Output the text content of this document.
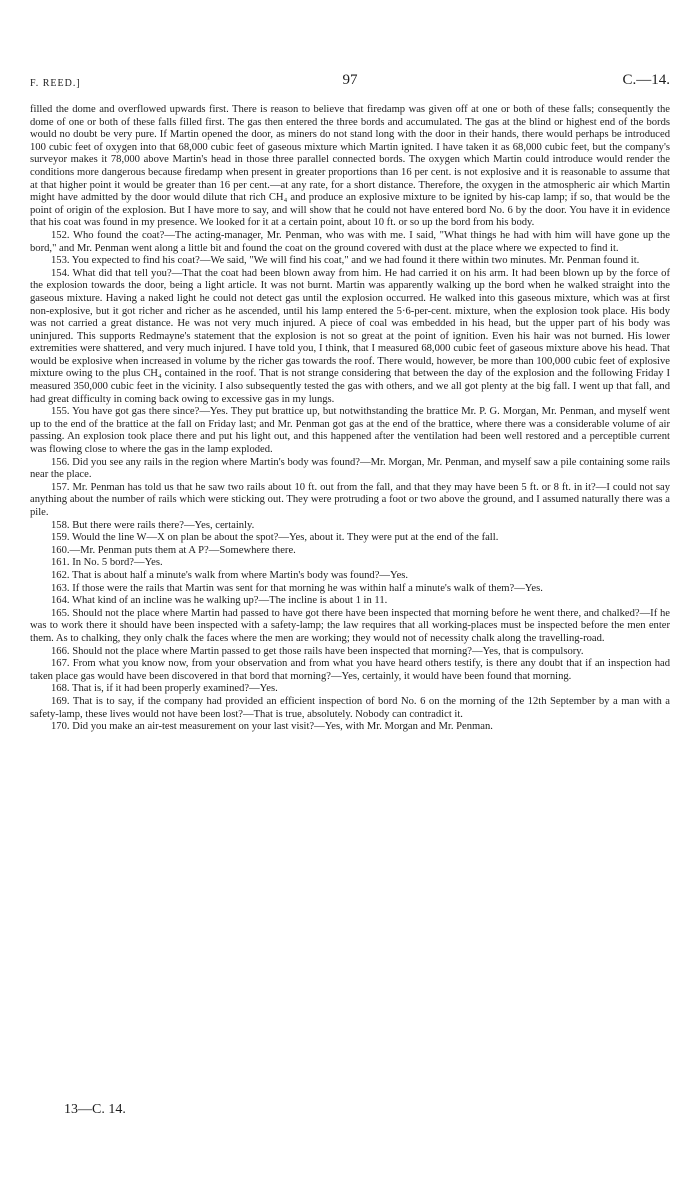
F. REED.]	97	C.—14.

filled the dome and overflowed upwards first. There is reason to believe that firedamp was given off at one or both of these falls; consequently the dome of one or both of these falls filled first. The gas then entered the three bords and accumulated. The gas at the blind or highest end of the bords would no doubt be very pure. If Martin opened the door, as miners do not stand long with the door in their hands, there would perhaps be introduced 100 cubic feet of oxygen into that 68,000 cubic feet of gaseous mixture which Martin ignited. I have taken it as 68,000 cubic feet, but the company's surveyor makes it 78,000 above Martin's head in those three parallel connected bords. The oxygen which Martin could introduce would render the conditions more dangerous because firedamp when present in greater proportions than 16 per cent. is not explosive and it is reasonable to assume that at that higher point it would be greater than 16 per cent.—at any rate, for a short distance. Therefore, the oxygen in the atmospheric air which Martin might have admitted by the door would dilute that rich CH₄ and produce an explosive mixture to be ignited by his-cap lamp; if so, that would be the point of origin of the explosion. But I have more to say, and will show that he could not have entered bord No. 6 by the door. You have it in evidence that his coat was found in my presence. We looked for it at a certain point, about 10 ft. or so up the bord from his body.

152. Who found the coat?—The acting-manager, Mr. Penman, who was with me. I said, "What things he had with him will have gone up the bord," and Mr. Penman went along a little bit and found the coat on the ground covered with dust at the place where we expected to find it.

153. You expected to find his coat?—We said, "We will find his coat," and we had found it there within two minutes. Mr. Penman found it.

154. What did that tell you?—That the coat had been blown away from him. He had carried it on his arm. It had been blown up by the force of the explosion towards the door, being a light article. It was not burnt. Martin was apparently walking up the bord when he walked straight into the gaseous mixture. Having a naked light he could not detect gas until the explosion occurred. He walked into this gaseous mixture, which was at first non-explosive, but it got richer and richer as he ascended, until his lamp entered the 5·6-per-cent. mixture, when the explosion took place. His body was not carried a great distance. He was not very much injured. A piece of coal was embedded in his head, but the upper part of his body was uninjured. This supports Redmayne's statement that the explosion is not so great at the point of ignition. Even his hair was not burned. His lower extremities were shattered, and very much injured. I have told you, I think, that I measured 68,000 cubic feet of gaseous mixture above his head. That would be explosive when increased in volume by the richer gas towards the roof. There would, however, be more than 100,000 cubic feet of explosive mixture owing to the plus CH₄ contained in the roof. That is not strange considering that between the day of the explosion and the following Friday I measured 350,000 cubic feet in the vicinity. I also subsequently tested the gas with others, and we all got plenty at the big fall. I went up that fall, and had great difficulty in coming back owing to excessive gas in my lungs.

155. You have got gas there since?—Yes. They put brattice up, but notwithstanding the brattice Mr. P. G. Morgan, Mr. Penman, and myself went up to the end of the brattice at the fall on Friday last; and Mr. Penman got gas at the end of the brattice, where there was a considerable volume of air passing. An explosion took place there and put his light out, and this happened after the ventilation had been well restored and a perceptible current was flowing close to where the gas in the lamp exploded.

156. Did you see any rails in the region where Martin's body was found?—Mr. Morgan, Mr. Penman, and myself saw a pile containing some rails near the place.

157. Mr. Penman has told us that he saw two rails about 10 ft. out from the fall, and that they may have been 5 ft. or 8 ft. in it?—I could not say anything about the number of rails which were sticking out. They were protruding a foot or two above the ground, and I assumed naturally there was a pile.

158. But there were rails there?—Yes, certainly.

159. Would the line W—X on plan be about the spot?—Yes, about it. They were put at the end of the fall.

160.—Mr. Penman puts them at A P?—Somewhere there.

161. In No. 5 bord?—Yes.

162. That is about half a minute's walk from where Martin's body was found?—Yes.

163. If those were the rails that Martin was sent for that morning he was within half a minute's walk of them?—Yes.

164. What kind of an incline was he walking up?—The incline is about 1 in 11.

165. Should not the place where Martin had passed to have got there have been inspected that morning before he went there, and chalked?—If he was to work there it should have been inspected with a safety-lamp; the law requires that all working-places must be inspected before the men enter them. As to chalking, they only chalk the faces where the men are working; they would not of necessity chalk along the travelling-road.

166. Should not the place where Martin passed to get those rails have been inspected that morning?—Yes, that is compulsory.

167. From what you know now, from your observation and from what you have heard others testify, is there any doubt that if an inspection had taken place gas would have been discovered in that bord that morning?—Yes, certainly, it would have been found that morning.

168. That is, if it had been properly examined?—Yes.

169. That is to say, if the company had provided an efficient inspection of bord No. 6 on the morning of the 12th September by a man with a safety-lamp, these lives would not have been lost?—That is true, absolutely. Nobody can contradict it.

170. Did you make an air-test measurement on your last visit?—Yes, with Mr. Morgan and Mr. Penman.

13—C. 14.
